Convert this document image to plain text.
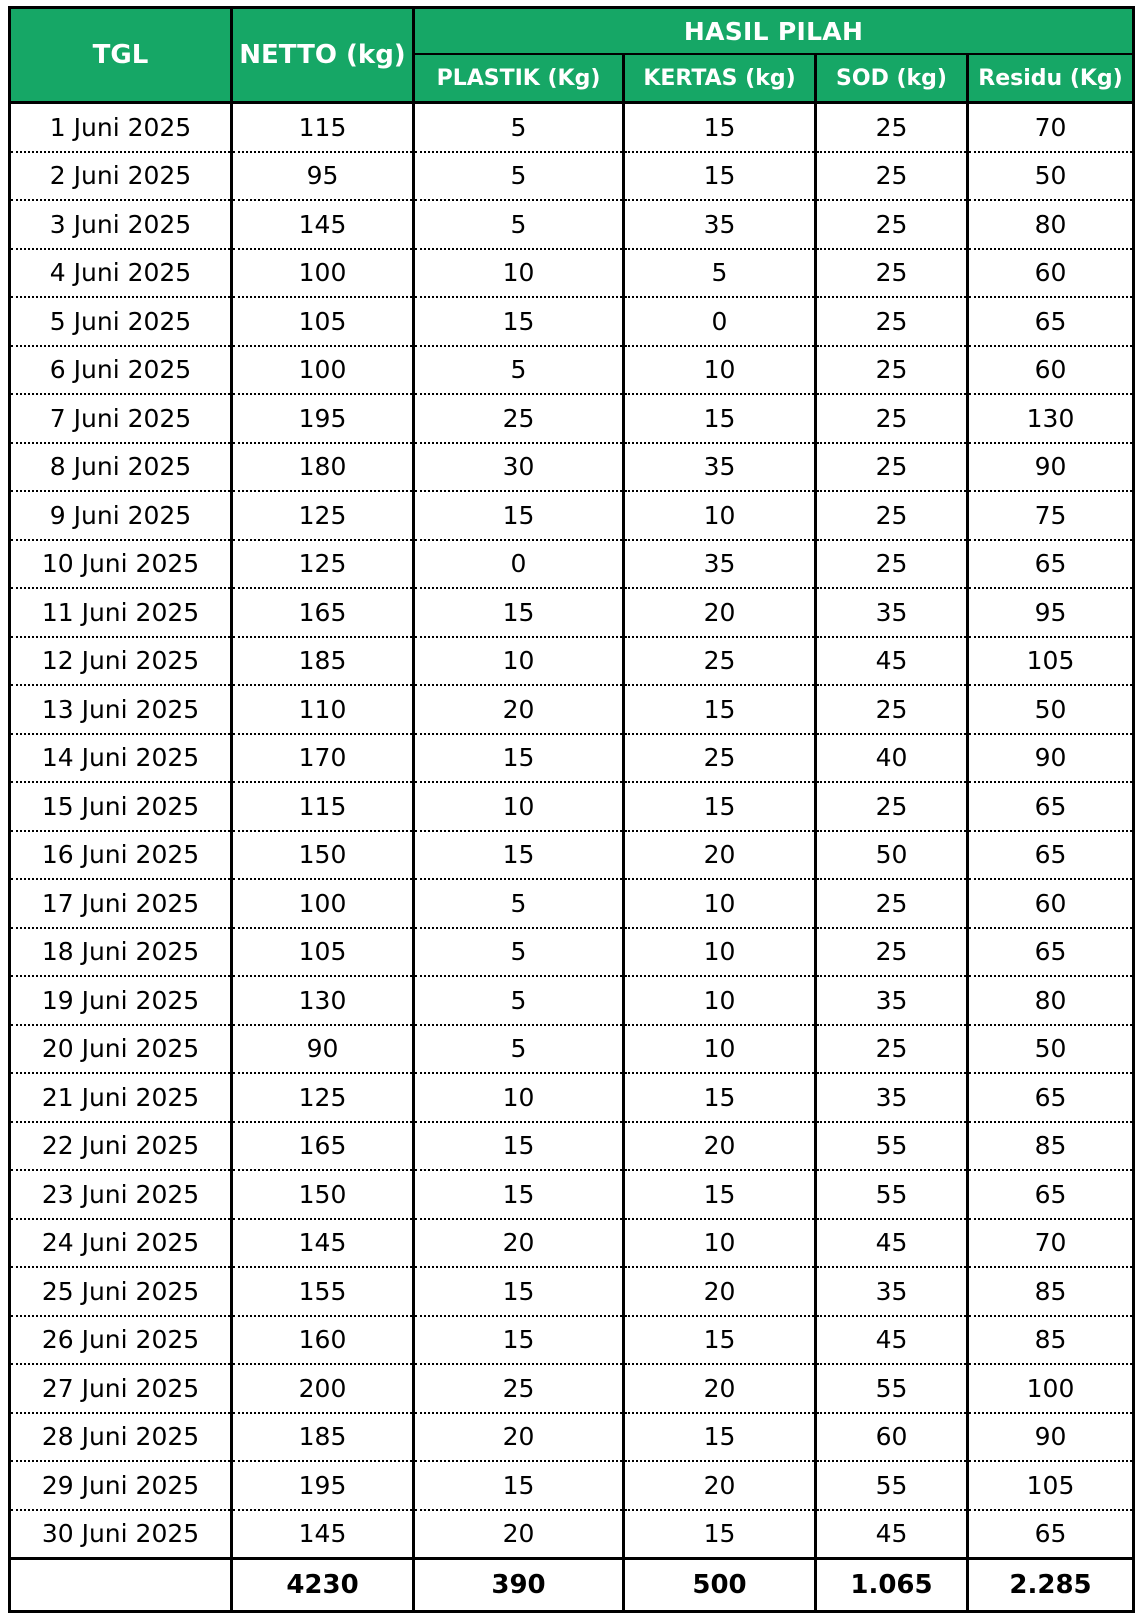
TGL	NETTO (kg)	HASIL PILAH			
		PLASTIK (Kg)	KERTAS (kg)	SOD (kg)	Residu (Kg)
1 Juni 2025	115	5	15	25	70
2 Juni 2025	95	5	15	25	50
3 Juni 2025	145	5	35	25	80
4 Juni 2025	100	10	5	25	60
5 Juni 2025	105	15	0	25	65
6 Juni 2025	100	5	10	25	60
7 Juni 2025	195	25	15	25	130
8 Juni 2025	180	30	35	25	90
9 Juni 2025	125	15	10	25	75
10 Juni 2025	125	0	35	25	65
11 Juni 2025	165	15	20	35	95
12 Juni 2025	185	10	25	45	105
13 Juni 2025	110	20	15	25	50
14 Juni 2025	170	15	25	40	90
15 Juni 2025	115	10	15	25	65
16 Juni 2025	150	15	20	50	65
17 Juni 2025	100	5	10	25	60
18 Juni 2025	105	5	10	25	65
19 Juni 2025	130	5	10	35	80
20 Juni 2025	90	5	10	25	50
21 Juni 2025	125	10	15	35	65
22 Juni 2025	165	15	20	55	85
23 Juni 2025	150	15	15	55	65
24 Juni 2025	145	20	10	45	70
25 Juni 2025	155	15	20	35	85
26 Juni 2025	160	15	15	45	85
27 Juni 2025	200	25	20	55	100
28 Juni 2025	185	20	15	60	90
29 Juni 2025	195	15	20	55	105
30 Juni 2025	145	20	15	45	65
	4230	390	500	1.065	2.285
